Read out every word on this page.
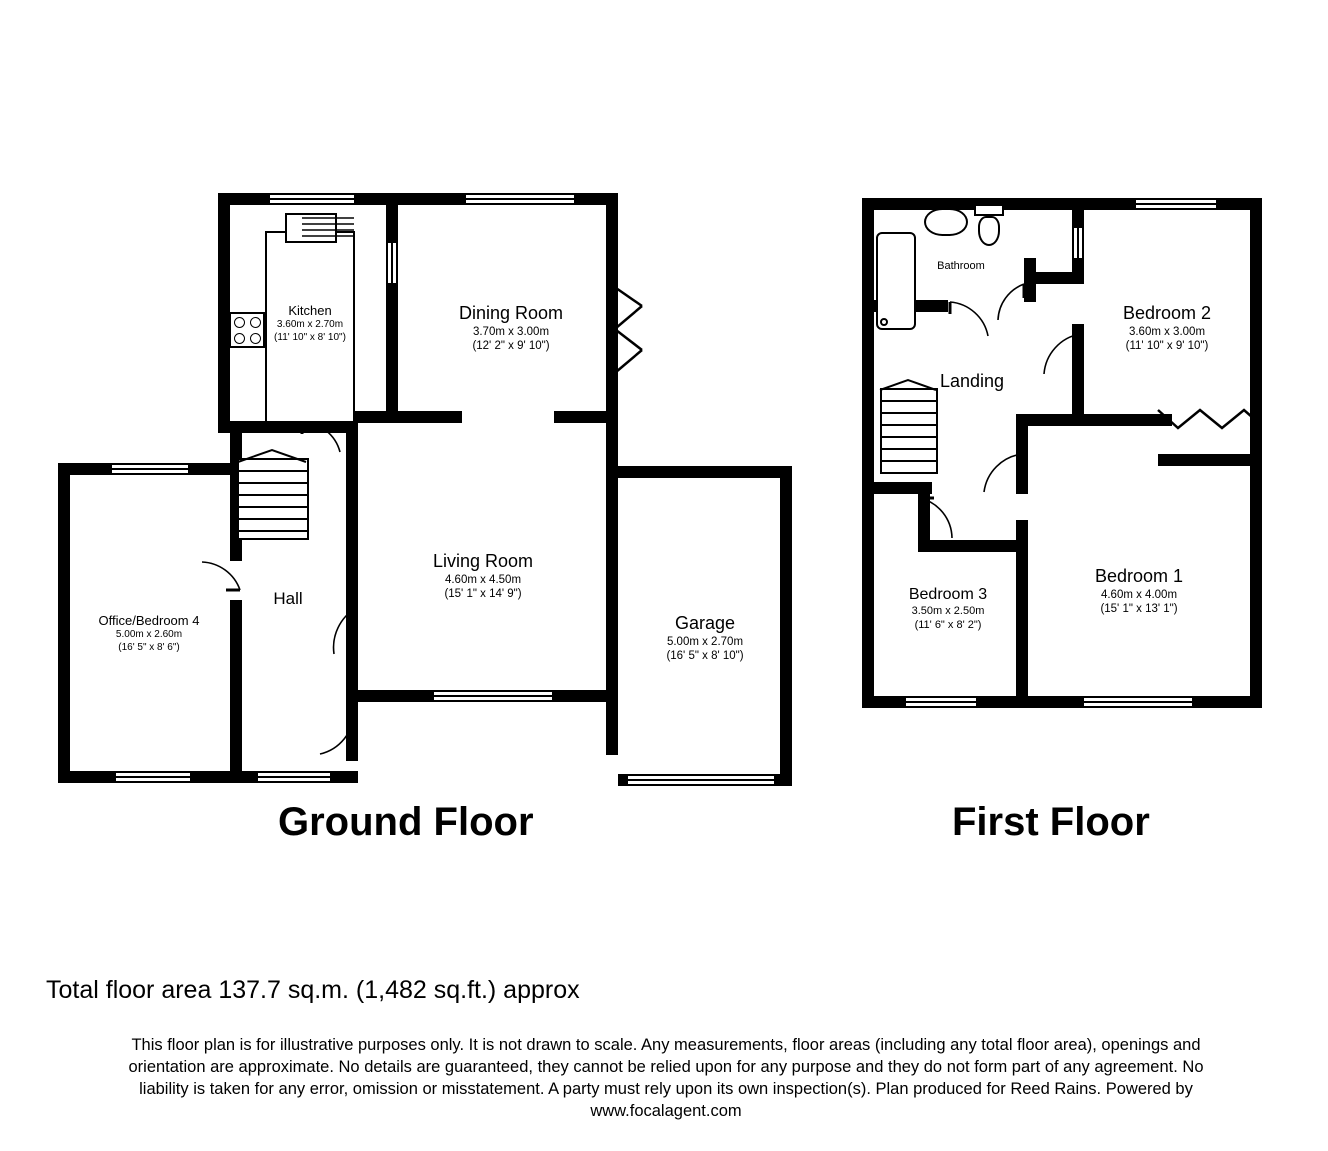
Kitchen
3.60m x 2.70m
(11' 10" x 8' 10")
Dining Room
3.70m x 3.00m
(12' 2" x 9' 10")
Living Room
4.60m x 4.50m
(15' 1" x 14' 9")
Garage
5.00m x 2.70m
(16' 5" x 8' 10")
Office/Bedroom 4
5.00m x 2.60m
(16' 5" x 8' 6")
Hall
Ground Floor
Bathroom
Landing
Bedroom 2
3.60m x 3.00m
(11' 10" x 9' 10")
Bedroom 1
4.60m x 4.00m
(15' 1" x 13' 1")
Bedroom 3
3.50m x 2.50m
(11' 6" x 8' 2")
First Floor
Total floor area 137.7 sq.m. (1,482 sq.ft.) approx
This floor plan is for illustrative purposes only. It is not drawn to scale. Any measurements, floor areas (including any total floor area), openings and
orientation are approximate. No details are guaranteed, they cannot be relied upon for any purpose and they do not form part of any agreement. No
liability is taken for any error, omission or misstatement. A party must rely upon its own inspection(s). Plan produced for Reed Rains. Powered by
www.focalagent.com
